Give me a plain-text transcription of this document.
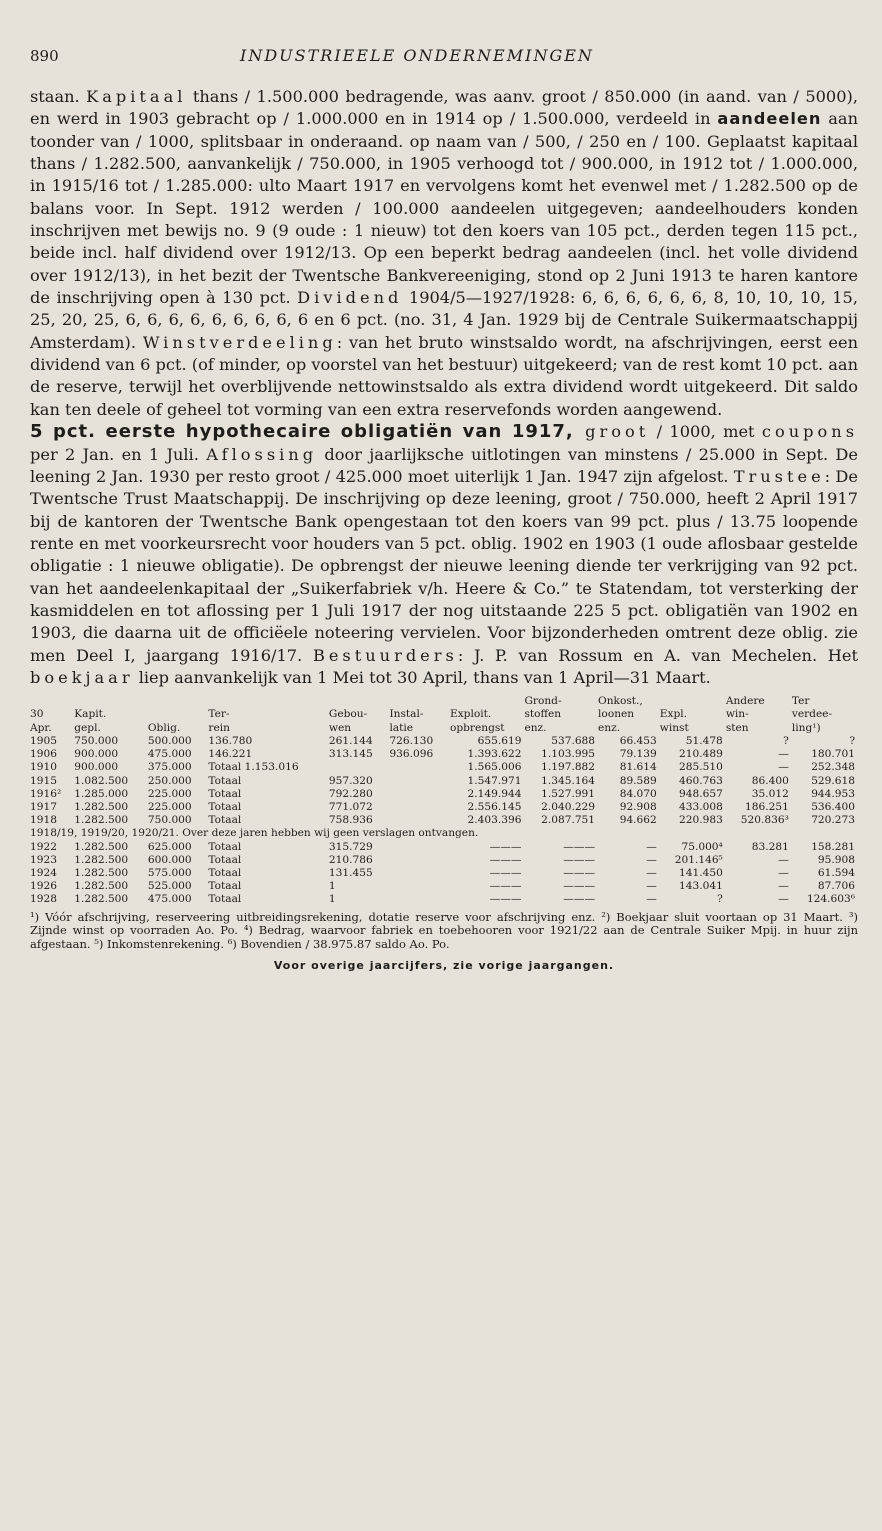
890	INDUSTRIEELE ONDERNEMINGEN

staan. Kapitaal thans / 1.500.000 bedragende, was aanv. groot / 850.000 (in aand. van / 5000), en werd in 1903 gebracht op / 1.000.000 en in 1914 op / 1.500.000, verdeeld in aandeelen aan toonder van / 1000, splitsbaar in onderaand. op naam van / 500, / 250 en / 100. Geplaatst kapitaal thans / 1.282.500, aanvankelijk / 750.000, in 1905 verhoogd tot / 900.000, in 1912 tot / 1.000.000, in 1915/16 tot / 1.285.000: ulto Maart 1917 en vervolgens komt het evenwel met / 1.282.500 op de balans voor. In Sept. 1912 werden / 100.000 aandeelen uitgegeven; aandeelhouders konden inschrijven met bewijs no. 9 (9 oude : 1 nieuw) tot den koers van 105 pct., derden tegen 115 pct., beide incl. half dividend over 1912/13. Op een beperkt bedrag aandeelen (incl. het volle dividend over 1912/13), in het bezit der Twentsche Bankvereeniging, stond op 2 Juni 1913 te haren kantore de inschrijving open à 130 pct. Dividend 1904/5—1927/1928: 6, 6, 6, 6, 6, 6, 8, 10, 10, 10, 15, 25, 20, 25, 6, 6, 6, 6, 6, 6, 6, 6, 6 en 6 pct. (no. 31, 4 Jan. 1929 bij de Centrale Suikermaatschappij Amsterdam). Winstverdeeling: van het bruto winstsaldo wordt, na afschrijvingen, eerst een dividend van 6 pct. (of minder, op voorstel van het bestuur) uitgekeerd; van de rest komt 10 pct. aan de reserve, terwijl het overblijvende nettowinstsaldo als extra dividend wordt uitgekeerd. Dit saldo kan ten deele of geheel tot vorming van een extra reservefonds worden aangewend.

5 pct. eerste hypothecaire obligatiën van 1917, groot / 1000, met coupons per 2 Jan. en 1 Juli. Aflossing door jaarlijksche uitlotingen van minstens / 25.000 in Sept. De leening 2 Jan. 1930 per resto groot / 425.000 moet uiterlijk 1 Jan. 1947 zijn afgelost. Trustee: De Twentsche Trust Maatschappij. De inschrijving op deze leening, groot / 750.000, heeft 2 April 1917 bij de kantoren der Twentsche Bank opengestaan tot den koers van 99 pct. plus / 13.75 loopende rente en met voorkeursrecht voor houders van 5 pct. oblig. 1902 en 1903 (1 oude aflosbaar gestelde obligatie : 1 nieuwe obligatie). De opbrengst der nieuwe leening diende ter verkrijging van 92 pct. van het aandeelenkapitaal der „Suikerfabriek v/h. Heere & Co.” te Statendam, tot versterking der kasmiddelen en tot aflossing per 1 Juli 1917 der nog uitstaande 225 5 pct. obligatiën van 1902 en 1903, die daarna uit de officiëele noteering vervielen. Voor bijzonderheden omtrent deze oblig. zie men Deel I, jaargang 1916/17. Bestuurders: J. P. van Rossum en A. van Mechelen. Het boekjaar liep aanvankelijk van 1 Mei tot 30 April, thans van 1 April—31 Maart.

							Grond-	Onkost.,		Andere	Ter
30	Kapit.		Ter-	Gebou-	Instal-	Exploit.	stoffen	loonen	Expl.	win-	verdee-
Apr.	gepl.	Oblig.	rein	wen	latie	opbrengst	enz.	enz.	winst	sten	ling¹)
1905	750.000	500.000	136.780	261.144	726.130	655.619	537.688	66.453	51.478	?	?
1906	900.000	475.000	146.221	313.145	936.096	1.393.622	1.103.995	79.139	210.489	—	180.701
1910	900.000	375.000	Totaal 1.153.016			1.565.006	1.197.882	81.614	285.510	—	252.348
1915	1.082.500	250.000	Totaal	957.320		1.547.971	1.345.164	89.589	460.763	86.400	529.618
1916²	1.285.000	225.000	Totaal	792.280		2.149.944	1.527.991	84.070	948.657	35.012	944.953
1917	1.282.500	225.000	Totaal	771.072		2.556.145	2.040.229	92.908	433.008	186.251	536.400
1918	1.282.500	750.000	Totaal	758.936		2.403.396	2.087.751	94.662	220.983	520.836³	720.273
1918/19, 1919/20, 1920/21. Over deze jaren hebben wij geen verslagen ontvangen.											
1922	1.282.500	625.000	Totaal	315.729		———	———	—	75.000⁴	83.281	158.281
1923	1.282.500	600.000	Totaal	210.786		———	———	—	201.146⁵	—	95.908
1924	1.282.500	575.000	Totaal	131.455		———	———	—	141.450	—	61.594
1926	1.282.500	525.000	Totaal	1		———	———	—	143.041	—	87.706
1928	1.282.500	475.000	Totaal	1		———	———	—	?	—	124.603⁶
¹) Vóór afschrijving, reserveering uitbreidingsrekening, dotatie reserve voor afschrijving enz. ²) Boekjaar sluit voortaan op 31 Maart. ³) Zijnde winst op voorraden Ao. Po. ⁴) Bedrag, waarvoor fabriek en toebehooren voor 1921/22 aan de Centrale Suiker Mpij. in huur zijn afgestaan. ⁵) Inkomstenrekening. ⁶) Bovendien / 38.975.87 saldo Ao. Po.
Voor overige jaarcijfers, zie vorige jaargangen.
